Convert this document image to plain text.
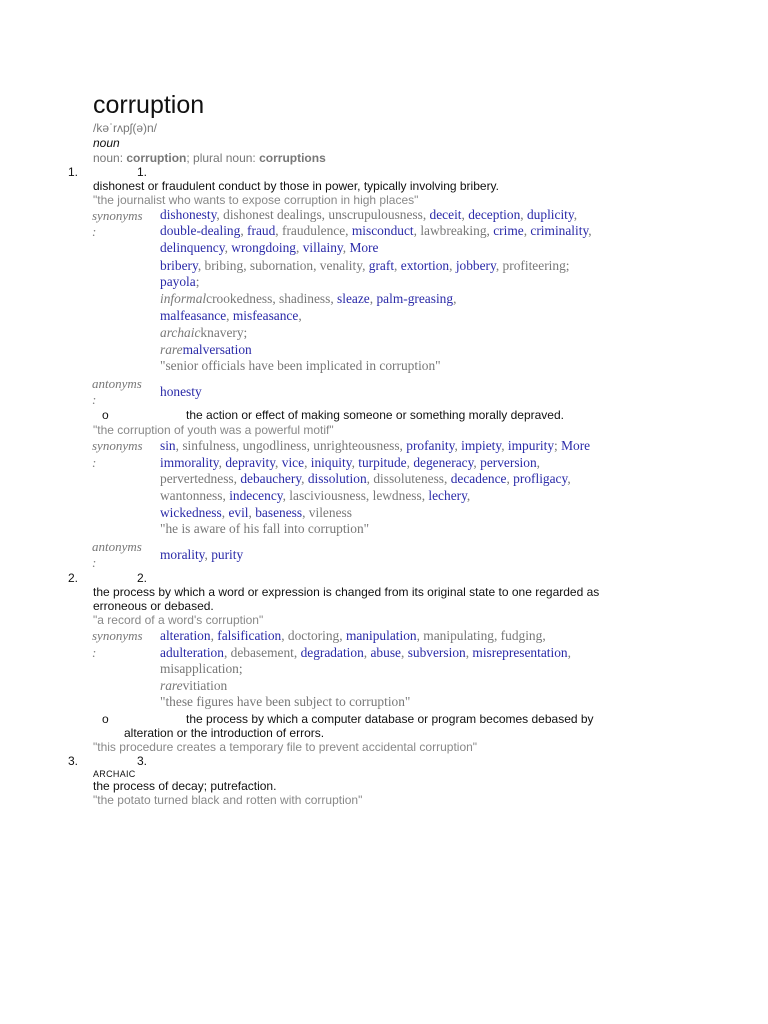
corruption
/kəˈrʌpʃ(ə)n/
noun
noun: corruption; plural noun: corruptions
1.	1.
dishonest or fraudulent conduct by those in power, typically involving bribery.
"the journalist who wants to expose corruption in high places"
synonyms
:
dishonesty, dishonest dealings, unscrupulousness, deceit, deception, duplicity,
double-dealing, fraud, fraudulence, misconduct, lawbreaking, crime, criminality,
delinquency, wrongdoing, villainy, More
bribery, bribing, subornation, venality, graft, extortion, jobbery, profiteering;
payola;
informalcrookedness, shadiness, sleaze, palm-greasing,
malfeasance, misfeasance,
archaicknavery;
raremalversation
"senior officials have been implicated in corruption"
antonyms
:
honesty
o	the action or effect of making someone or something morally depraved.
"the corruption of youth was a powerful motif"
synonyms
:
sin, sinfulness, ungodliness, unrighteousness, profanity, impiety, impurity; More
immorality, depravity, vice, iniquity, turpitude, degeneracy, perversion,
pervertedness, debauchery, dissolution, dissoluteness, decadence, profligacy,
wantonness, indecency, lasciviousness, lewdness, lechery,
wickedness, evil, baseness, vileness
"he is aware of his fall into corruption"
antonyms
:
morality, purity
2.	2.
the process by which a word or expression is changed from its original state to one regarded as
erroneous or debased.
"a record of a word's corruption"
synonyms
:
alteration, falsification, doctoring, manipulation, manipulating, fudging,
adulteration, debasement, degradation, abuse, subversion, misrepresentation,
misapplication;
rarevitiation
"these figures have been subject to corruption"
o	the process by which a computer database or program becomes debased by
alteration or the introduction of errors.
"this procedure creates a temporary file to prevent accidental corruption"
3.	3.
ARCHAIC
the process of decay; putrefaction.
"the potato turned black and rotten with corruption"
